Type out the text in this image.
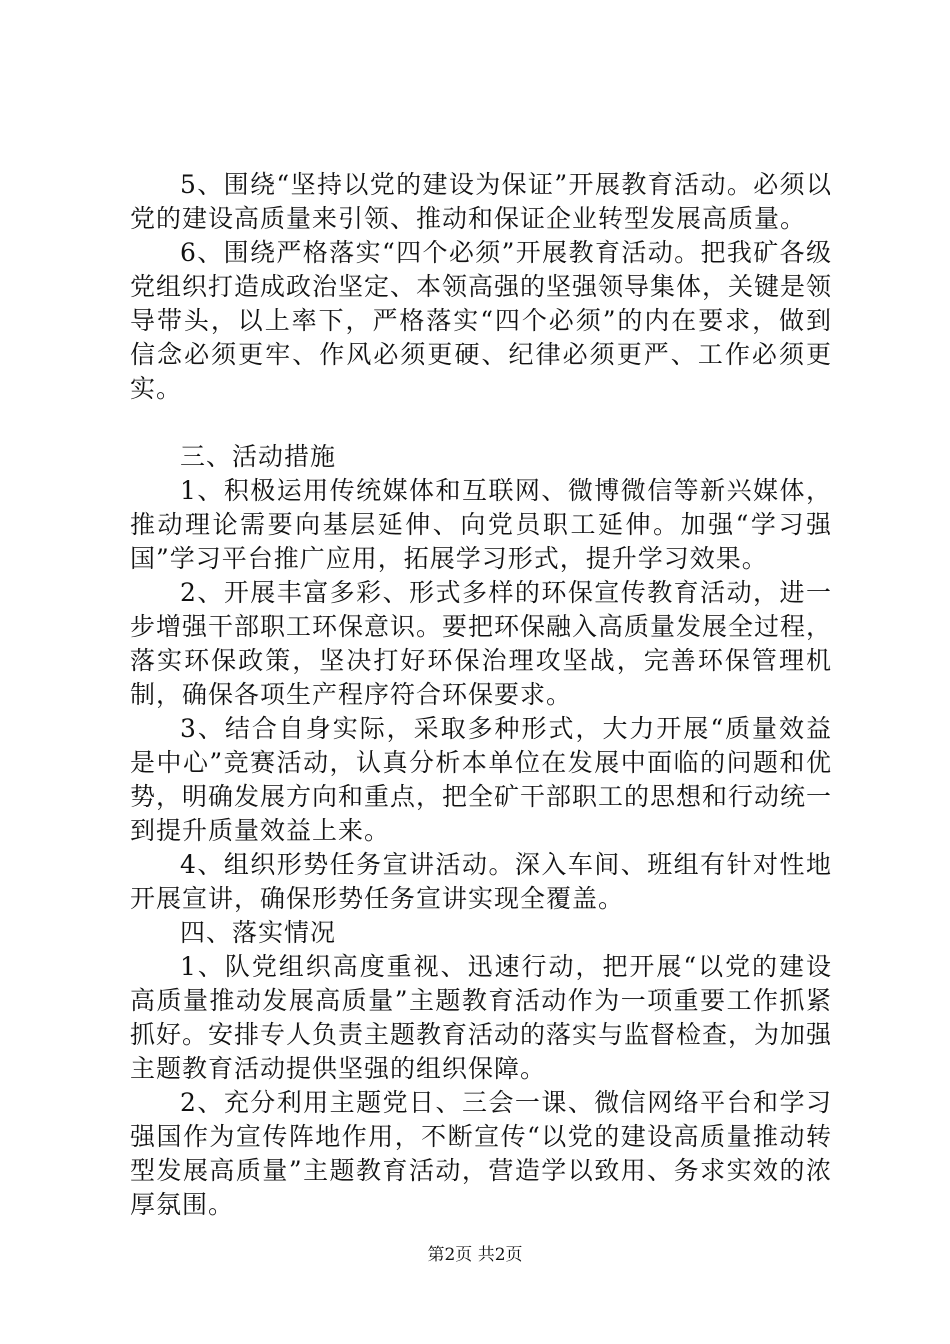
5、围绕“坚持以党的建设为保证”开展教育活动。必须以党的建设高质量来引领、推动和保证企业转型发展高质量。

6、围绕严格落实“四个必须”开展教育活动。把我矿各级党组织打造成政治坚定、本领高强的坚强领导集体，关键是领导带头，以上率下，严格落实“四个必须”的内在要求，做到信念必须更牢、作风必须更硬、纪律必须更严、工作必须更实。

三、活动措施

1、积极运用传统媒体和互联网、微博微信等新兴媒体，推动理论需要向基层延伸、向党员职工延伸。加强“学习强国”学习平台推广应用，拓展学习形式，提升学习效果。

2、开展丰富多彩、形式多样的环保宣传教育活动，进一步增强干部职工环保意识。要把环保融入高质量发展全过程，落实环保政策，坚决打好环保治理攻坚战，完善环保管理机制，确保各项生产程序符合环保要求。

3、结合自身实际，采取多种形式，大力开展“质量效益是中心”竞赛活动，认真分析本单位在发展中面临的问题和优势，明确发展方向和重点，把全矿干部职工的思想和行动统一到提升质量效益上来。

4、组织形势任务宣讲活动。深入车间、班组有针对性地开展宣讲，确保形势任务宣讲实现全覆盖。

四、落实情况

1、队党组织高度重视、迅速行动，把开展“以党的建设高质量推动发展高质量”主题教育活动作为一项重要工作抓紧抓好。安排专人负责主题教育活动的落实与监督检查，为加强主题教育活动提供坚强的组织保障。

2、充分利用主题党日、三会一课、微信网络平台和学习强国作为宣传阵地作用，不断宣传“以党的建设高质量推动转型发展高质量”主题教育活动，营造学以致用、务求实效的浓厚氛围。

第2页 共2页
